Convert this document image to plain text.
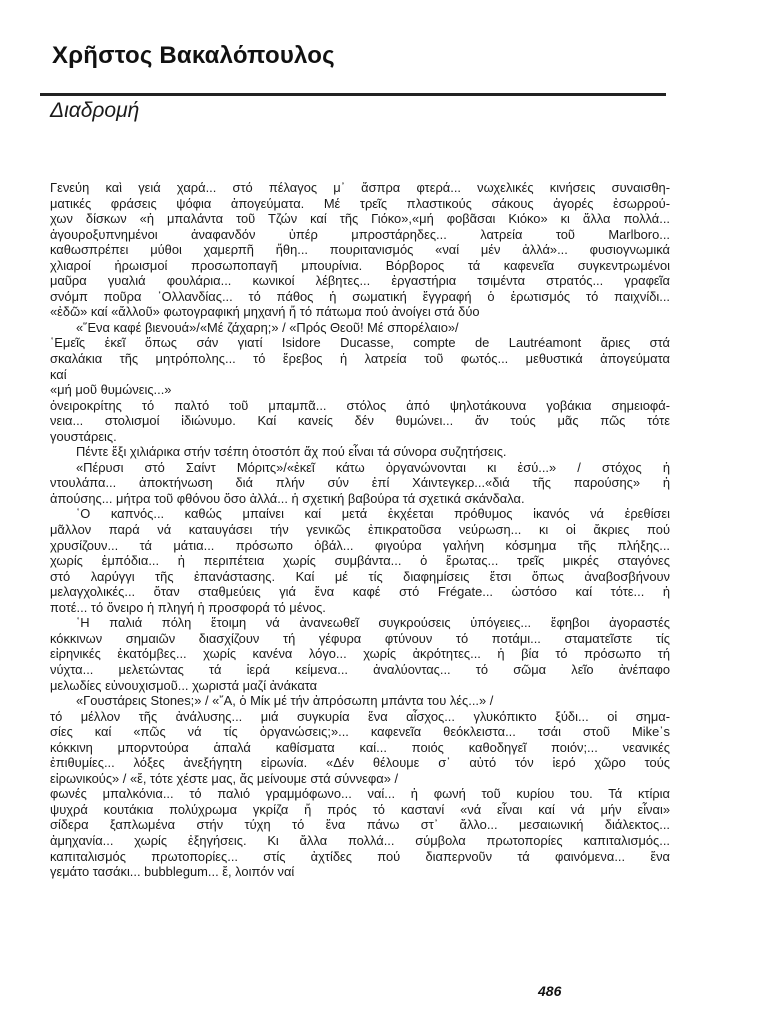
Χρῆστος Βακαλόπουλος
Διαδρομή
Γενεύη καὶ γειά χαρά... στό πέλαγος μ᾽ ἄσπρα φτερά... νωχελικές κινήσεις συναισθη-
ματικές φράσεις ψόφια ἀπογεύματα. Μέ τρεῖς πλαστικούς σάκους ἀγορές ἐσωρρού-
χων δίσκων «ἡ μπαλάντα τοῦ Τζών καί τῆς Γιόκο»,«μή φοβᾶσαι Κιόκο» κι ἄλλα πολλά...
ἀγουροξυπνημένοι ἀναφανδόν ὑπέρ μπροστάρηδες... λατρεία τοῦ Marlboro...
καθωσπρέπει μύθοι χαμερπῆ ἤθη... πουριτανισμός «ναί μέν ἀλλά»... φυσιογνωμικά
χλιαροί ἡρωισμοί προσωποπαγῆ μπουρίνια. Βόρβορος τά καφενεῖα συγκεντρωμένοι
μαῦρα γυαλιά φουλάρια... κωνικοί λέβητες... ἐργαστήρια τσιμέντα στρατός... γραφεῖα
σνόμπ ποῦρα ᾽Ολλανδίας... τό πάθος ἡ σωματική ἔγγραφή ὁ ἐρωτισμός τό παιχνίδι...
«ἐδῶ» καί «ἄλλοῦ» φωτογραφική μηχανή ἤ τό πάτωμα πού ἀνοίγει στά δύο
«῞Ενα καφέ βιενουά»/«Μέ ζάχαρη;» / «Πρός Θεοῦ! Μέ σπορέλαιο»/
῾Εμεῖς ἐκεῖ ὅπως σάν γιατί Isidore Ducasse, compte de Lautréamont ἄριες στά
σκαλάκια τῆς μητρόπολης... τό ἔρεβος ἡ λατρεία τοῦ φωτός... μεθυστικά ἀπογεύματα
καί
«μή μοῦ θυμώνεις...»
ὀνειροκρίτης τό παλτό τοῦ μπαμπᾶ... στόλος ἀπό ψηλοτάκουνα γοβάκια σημειοφά-
νεια... στολισμοί ἰδιώνυμο. Καί κανείς δέν θυμώνει... ἄν τούς μᾶς πῶς τότε
γουστάρεις.
Πέντε ἔξι χιλιάρικα στήν τσέπη ὀτοστόπ ἄχ πού εἶναι τά σύνορα συζητήσεις.
«Πέρυσι στό Σαίντ Μόριτς»/«ἐκεῖ κάτω ὀργανώνονται κι ἐσύ...» / στόχος ἡ
ντουλάπα... ἀποκτήνωση διά πλήν σύν ἐπί Χάιντεγκερ...«διά τῆς παρούσης» ἡ
ἀπούσης... μήτρα τοῦ φθόνου ὅσο ἀλλά... ἡ σχετική βαβούρα τά σχετικά σκάνδαλα.
῾Ο καπνός... καθώς μπαίνει καί μετά ἐκχέεται πρόθυμος ἱκανός νά ἐρεθίσει
μᾶλλον παρά νά καταυγάσει τήν γενικῶς ἐπικρατοῦσα νεύρωση... κι οἱ ἄκριες πού
χρυσίζουν... τά μάτια... πρόσωπο ὀβάλ... φιγούρα γαλήνη κόσμημα τῆς πλήξης...
χωρίς ἐμπόδια... ἡ περιπέτεια χωρίς συμβάντα... ὁ ἔρωτας... τρεῖς μικρές σταγόνες
στό λαρύγγι τῆς ἐπανάστασης. Καί μέ τίς διαφημίσεις ἔτσι ὅπως ἀναβοσβήνουν
μελαγχολικές... ὅταν σταθμεύεις γιά ἕνα καφέ στό Frégate... ὡστόσο καί τότε... ἡ
ποτέ... τό ὄνειρο ἡ πληγή ἡ προσφορά τό μένος.
῾Η παλιά πόλη ἕτοιμη νά ἀνανεωθεῖ συγκρούσεις ὑπόγειες... ἔφηβοι ἀγοραστές
κόκκινων σημαιῶν διασχίζουν τή γέφυρα φτύνουν τό ποτάμι... σταματεῖστε τίς
εἰρηνικές ἑκατόμβες... χωρίς κανένα λόγο... χωρίς ἀκρότητες... ἡ βία τό πρόσωπο τή
νύχτα... μελετώντας τά ἱερά κείμενα... ἀναλύοντας... τό σῶμα λεῖο ἀνέπαφο
μελωδίες εὐνουχισμοῦ... χωριστά μαζί ἀνάκατα
«Γουστάρεις Stones;» / «῎Α, ὁ Μίκ μέ τήν ἀπρόσωπη μπάντα του λές...» /
τό μέλλον τῆς ἀνάλυσης... μιά συγκυρία ἕνα αἶσχος... γλυκόπικτο ξύδι... οἱ σημα-
σίες καί «πῶς νά τίς ὀργανώσεις;»... καφενεῖα θεόκλειστα... τσάι στοῦ Mike᾽s
κόκκινη μπορντούρα ἁπαλά καθίσματα καί... ποιός καθοδηγεῖ ποιόν;... νεανικές
ἐπιθυμίες... λόξες ἀνεξήγητη εἰρωνία. «Δέν θέλουμε σ᾽ αὐτό τόν ἱερό χῶρο τούς
εἰρωνικούς» / «ἔ, τότε χέστε μας, ἄς μείνουμε στά σύννεφα» /
φωνές μπαλκόνια... τό παλιό γραμμόφωνο... ναί... ἡ φωνή τοῦ κυρίου του. Τά κτίρια
ψυχρά κουτάκια πολύχρωμα γκρίζα ἤ πρός τό καστανί «νά εἶναι καί νά μήν εἶναι»
σίδερα ξαπλωμένα στήν τύχη τό ἕνα πάνω στ᾽ ἄλλο... μεσαιωνική διάλεκτος...
ἀμηχανία... χωρίς ἐξηγήσεις. Κι ἄλλα πολλά... σύμβολα πρωτοπορίες καπιταλισμός...
καπιταλισμός πρωτοπορίες... στίς ἀχτίδες πού διαπερνοῦν τά φαινόμενα... ἕνα
γεμάτο τασάκι... bubblegum... ἔ, λοιπόν ναί
486
